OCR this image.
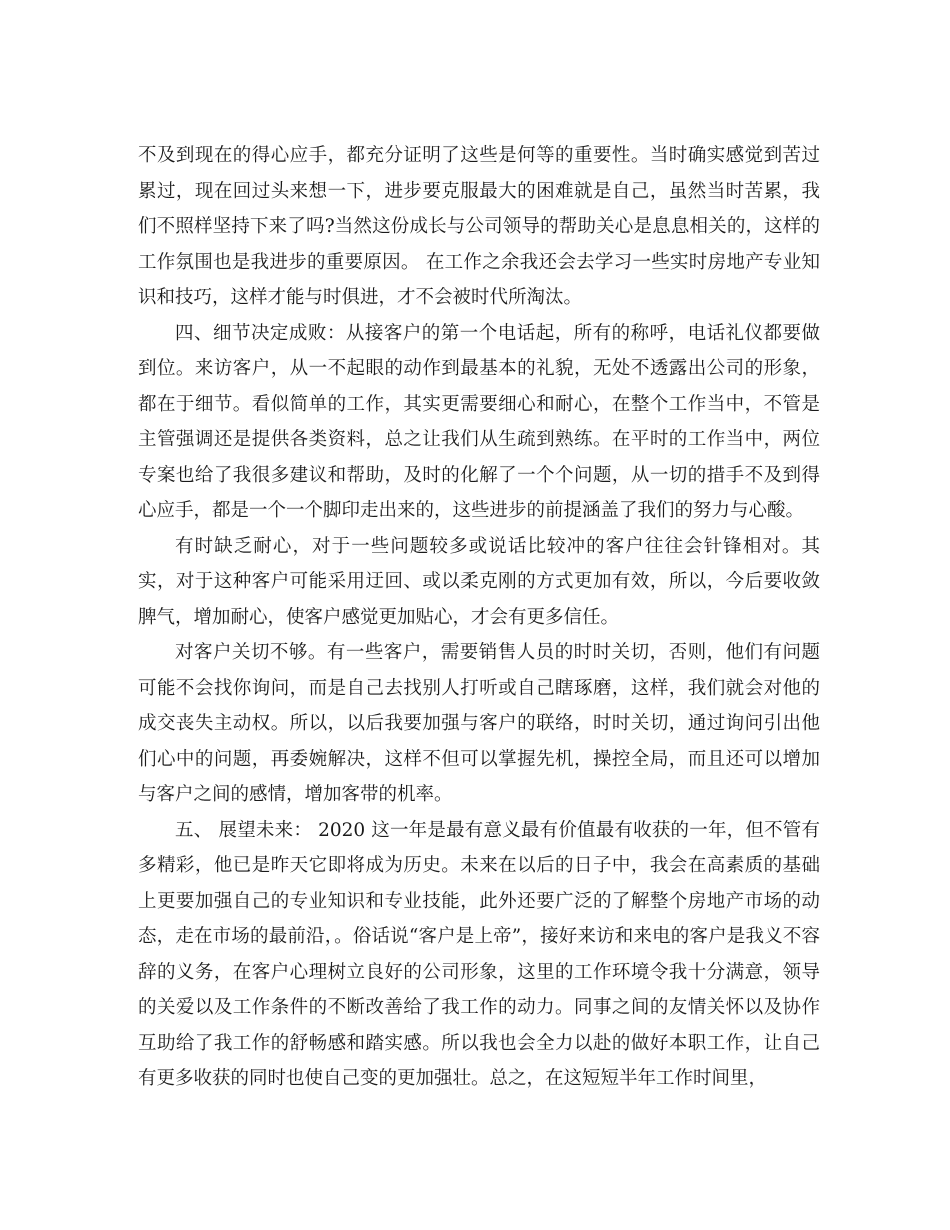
不及到现在的得心应手，都充分证明了这些是何等的重要性。当时确实感觉到苦过累过，现在回过头来想一下，进步要克服最大的困难就是自己，虽然当时苦累，我们不照样坚持下来了吗?当然这份成长与公司领导的帮助关心是息息相关的，这样的工作氛围也是我进步的重要原因。 在工作之余我还会去学习一些实时房地产专业知识和技巧，这样才能与时俱进，才不会被时代所淘汰。

四、细节决定成败：从接客户的第一个电话起，所有的称呼，电话礼仪都要做到位。来访客户，从一不起眼的动作到最基本的礼貌，无处不透露出公司的形象，都在于细节。看似简单的工作，其实更需要细心和耐心，在整个工作当中，不管是主管强调还是提供各类资料，总之让我们从生疏到熟练。在平时的工作当中，两位专案也给了我很多建议和帮助，及时的化解了一个个问题，从一切的措手不及到得心应手，都是一个一个脚印走出来的，这些进步的前提涵盖了我们的努力与心酸。

有时缺乏耐心，对于一些问题较多或说话比较冲的客户往往会针锋相对。其实，对于这种客户可能采用迂回、或以柔克刚的方式更加有效，所以，今后要收敛脾气，增加耐心，使客户感觉更加贴心，才会有更多信任。

对客户关切不够。有一些客户，需要销售人员的时时关切，否则，他们有问题可能不会找你询问，而是自己去找别人打听或自己瞎琢磨，这样，我们就会对他的成交丧失主动权。所以，以后我要加强与客户的联络，时时关切，通过询问引出他们心中的问题，再委婉解决，这样不但可以掌握先机，操控全局，而且还可以增加与客户之间的感情，增加客带的机率。

五、 展望未来： 2020 这一年是最有意义最有价值最有收获的一年，但不管有多精彩，他已是昨天它即将成为历史。未来在以后的日子中，我会在高素质的基础上更要加强自己的专业知识和专业技能，此外还要广泛的了解整个房地产市场的动态，走在市场的最前沿，。俗话说“客户是上帝”，接好来访和来电的客户是我义不容辞的义务，在客户心理树立良好的公司形象，这里的工作环境令我十分满意，领导的关爱以及工作条件的不断改善给了我工作的动力。同事之间的友情关怀以及协作互助给了我工作的舒畅感和踏实感。所以我也会全力以赴的做好本职工作，让自己有更多收获的同时也使自己变的更加强壮。总之，在这短短半年工作时间里，
